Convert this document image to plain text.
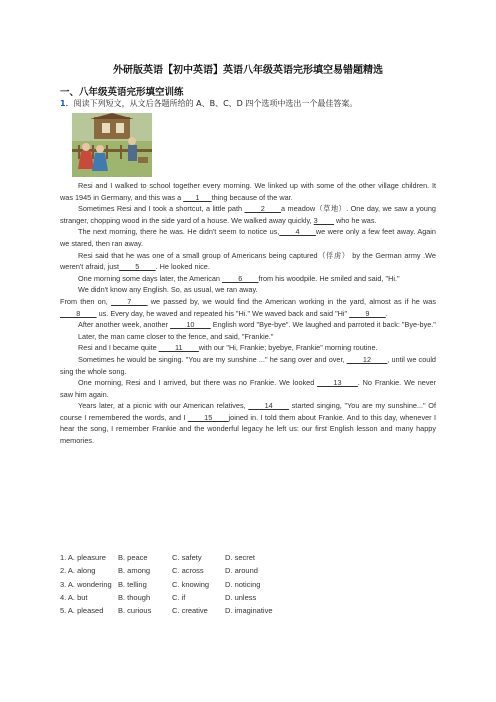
外研版英语【初中英语】英语八年级英语完形填空易错题精选
一、八年级英语完形填空训练
1．阅读下列短文，从文后各题所给的 A、B、C、D 四个选项中选出一个最佳答案。

Resi and I walked to school together every morning. We linked up with some of the other village children. It was 1945 in Germany, and this was a ___1___thing because of the war.

Sometimes Resi and I took a shortcut, a little path ____2____a meadow（草地）. One day, we saw a young stranger, chopping wood in the side yard of a house. We walked away quickly, 3____ who he was.

The next morning, there he was. He didn't seem to notice us,____4____we were only a few feet away. Again we stared, then ran away.

Resi said that he was one of a small group of Americans being captured（俘虏） by the German army .We weren't afraid, just____5____. He looked nice.

One morning some days later, the American ____6____from his woodpile. He smiled and said, "Hi."

We didn't know any English. So, as usual, we ran away.

From then on, ____7____ we passed by, we would find the American working in the yard, almost as if he was ____8____ us. Every day, he waved and repeated his "Hi." We waved back and said "Hi" ____9____.

After another week, another ____10____ English word "Bye-bye". We laughed and parroted it back: "Bye-bye."

Later, the man came closer to the fence, and said, "Frankie."

Resi and I became quite ____11____with our "Hi, Frankie; byebye, Frankie" morning routine.

Sometimes he would be singing. "You are my sunshine ..." he sang over and over, ____12____, until we could sing the whole song.

One morning, Resi and I arrived, but there was no Frankie. We looked ____13____. No Frankie. We never saw him again.

Years later, at a picnic with our American relatives, ____14____ started singing, "You are my sunshine..." Of course I remembered the words, and I ____15____joined in. I told them about Frankie. And to this day, whenever I hear the song, I remember Frankie and the wonderful legacy he left us: our first English lesson and many happy memories.

1. A. pleasure B. peace	C. safety	D. secret
2. A. along	B. among	C. across	D. around
3. A. wondering B. telling	C. knowing D. noticing
4. A. but	B. though	C. if	D. unless
5. A. pleased B. curious	C. creative D. imaginative
